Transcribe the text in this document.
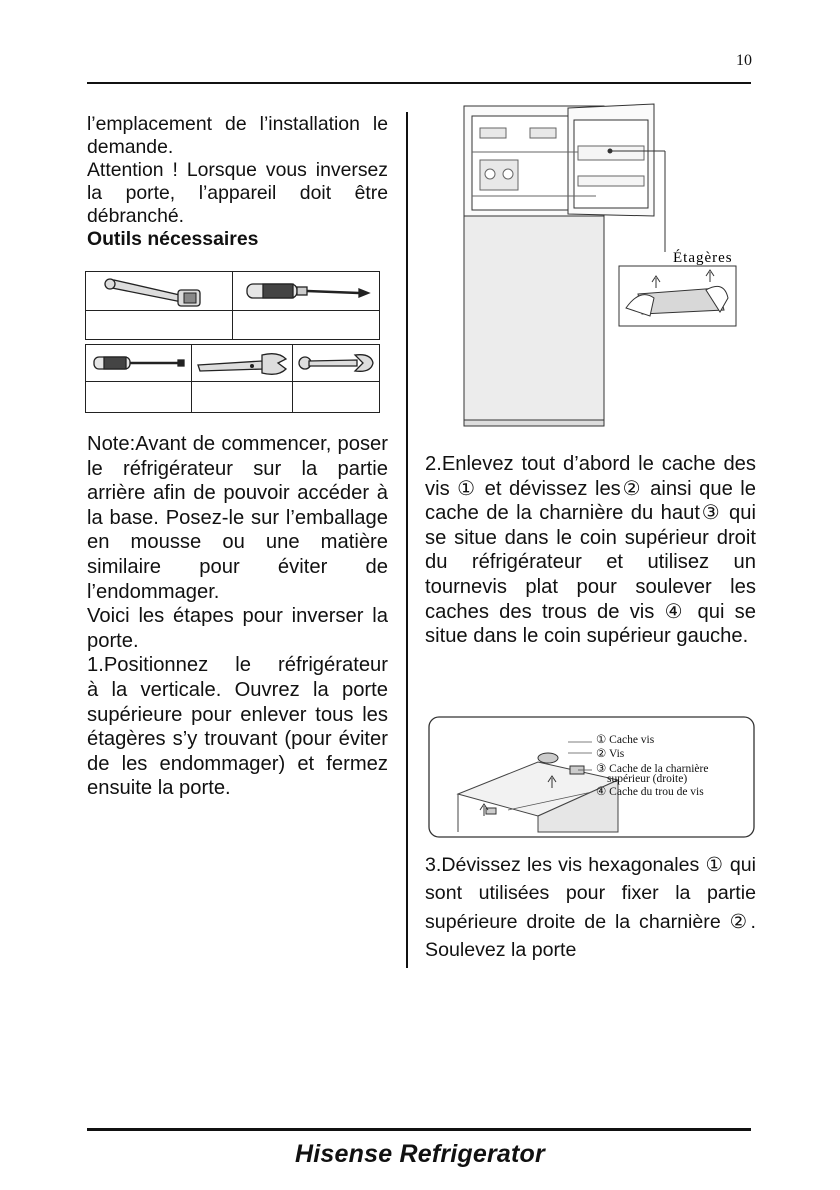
10

l’emplacement de l’installation le demande.

Attention ! Lorsque vous inversez la porte, l’appareil doit être débranché.

Outils nécessaires

Note:Avant de commencer, poser le réfrigérateur sur la partie arrière afin de pouvoir accéder à la base. Posez-le sur l’emballage en mousse ou une matière similaire pour éviter de l’endommager.

Voici les étapes pour inverser la porte.

1.Positionnez le réfrigérateur

à la verticale. Ouvrez la porte supérieure pour enlever tous les étagères s’y trouvant (pour éviter de les endommager) et fermez ensuite la porte.

Étagères
2.Enlevez tout d’abord le cache des vis ① et dévissez les② ainsi que le cache de la charnière du haut③ qui se situe dans le coin supérieur droit du réfrigérateur et utilisez un tournevis plat pour soulever les caches des trous de vis ④ qui se situe dans le coin supérieur gauche.
① Cache vis
② Vis
③ Cache de la charnière
supérieur (droite)
④ Cache du trou de vis
3.Dévissez les vis hexagonales ① qui sont utilisées pour fixer la partie supérieure droite de la charnière ②. Soulevez la porte
Hisense Refrigerator
